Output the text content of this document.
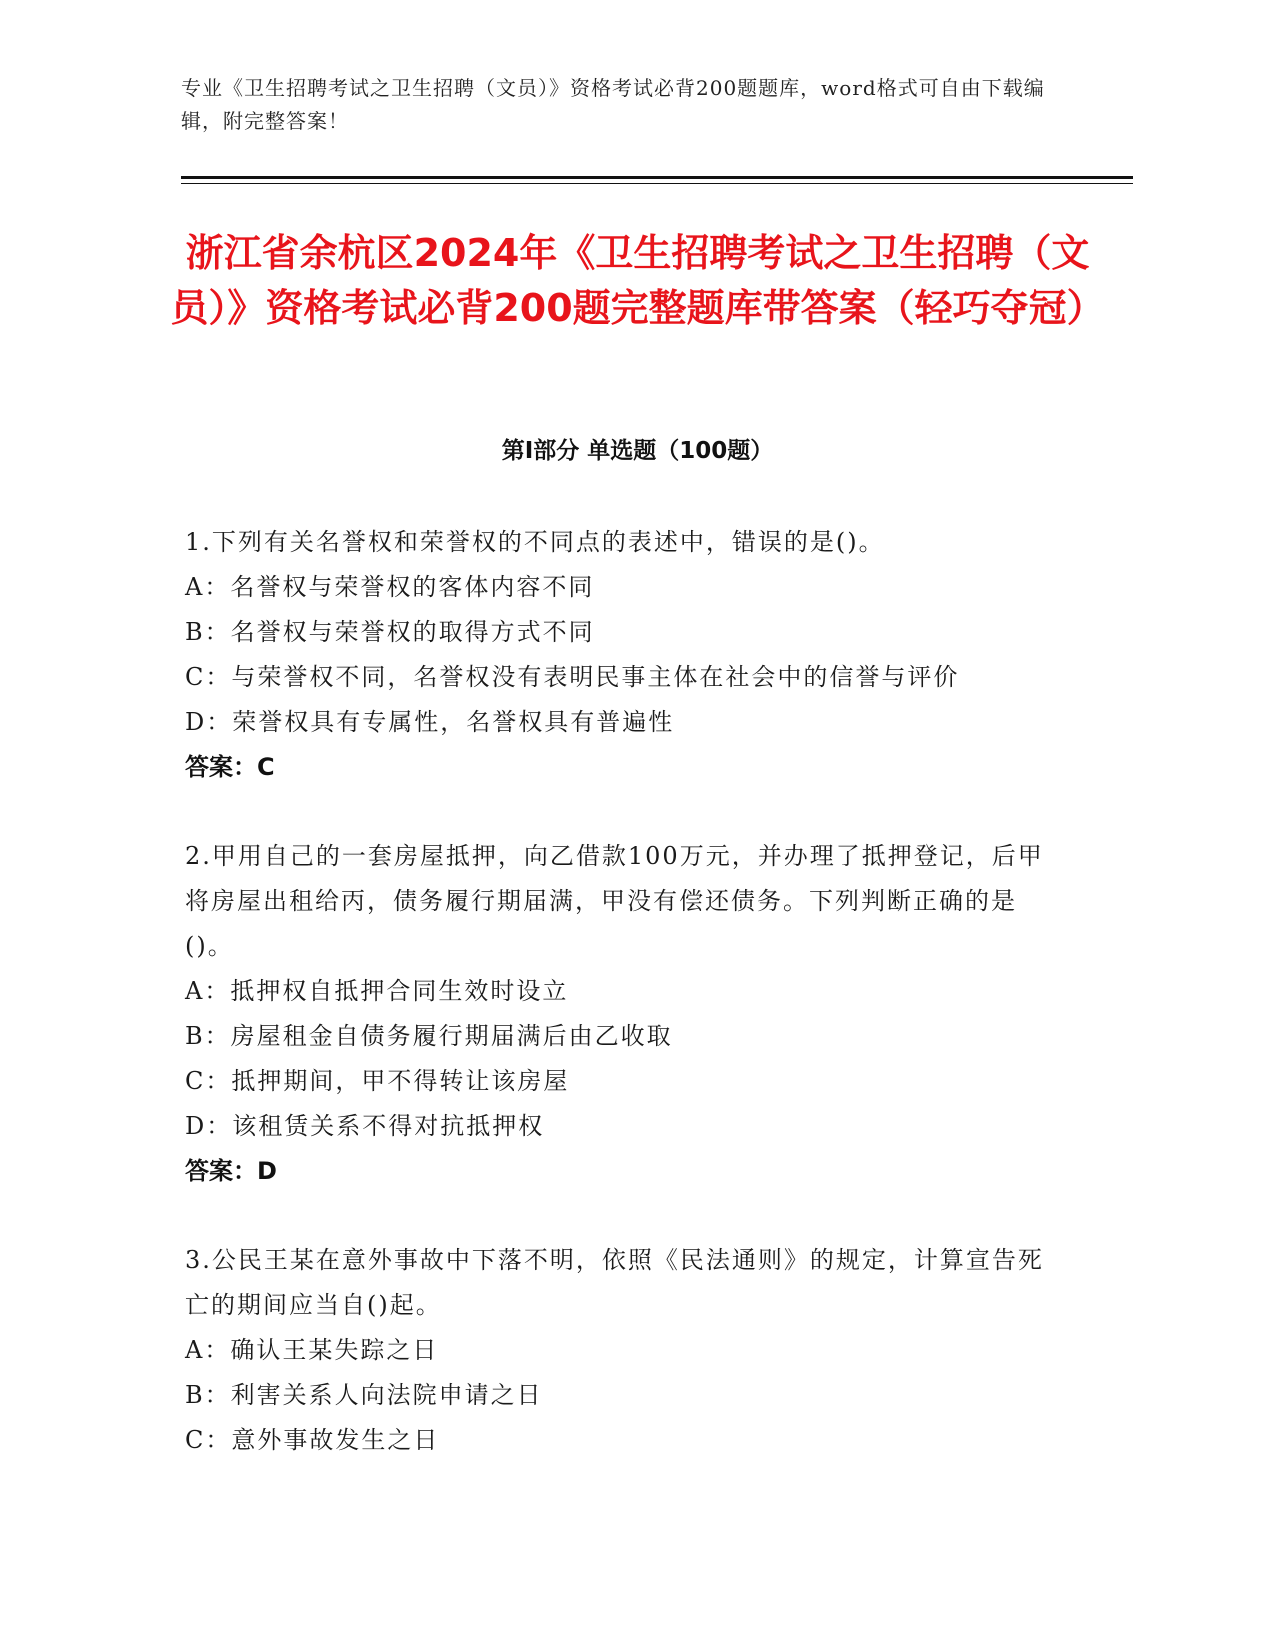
专业《卫生招聘考试之卫生招聘（文员）》资格考试必背200题题库，word格式可自由下载编辑，附完整答案！
浙江省余杭区2024年《卫生招聘考试之卫生招聘（文员）》资格考试必背200题完整题库带答案（轻巧夺冠）
第Ⅰ部分 单选题（100题）

1.下列有关名誉权和荣誉权的不同点的表述中，错误的是()。

A：名誉权与荣誉权的客体内容不同

B：名誉权与荣誉权的取得方式不同

C：与荣誉权不同，名誉权没有表明民事主体在社会中的信誉与评价

D：荣誉权具有专属性，名誉权具有普遍性

答案：C

2.甲用自己的一套房屋抵押，向乙借款100万元，并办理了抵押登记，后甲将房屋出租给丙，债务履行期届满，甲没有偿还债务。下列判断正确的是()。

A：抵押权自抵押合同生效时设立

B：房屋租金自债务履行期届满后由乙收取

C：抵押期间，甲不得转让该房屋

D：该租赁关系不得对抗抵押权

答案：D

3.公民王某在意外事故中下落不明，依照《民法通则》的规定，计算宣告死亡的期间应当自()起。

A：确认王某失踪之日

B：利害关系人向法院申请之日

C：意外事故发生之日
